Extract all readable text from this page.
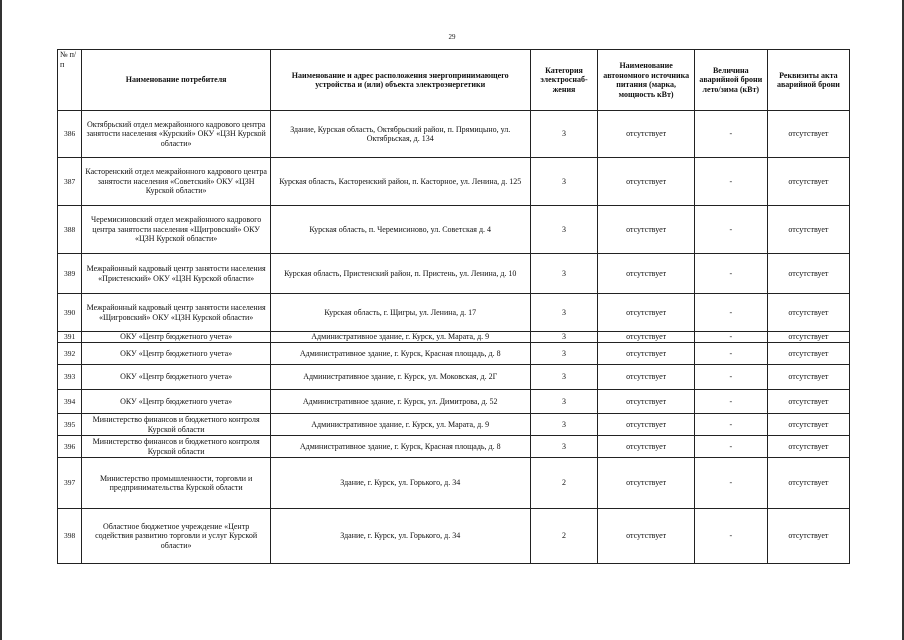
29
№ п/п	Наименование потребителя	Наименование и адрес расположения энергопринимающего устройства и (или) объекта электроэнергетики	Категория электроснаб-жения	Наименование автономного источника питания (марка, мощность кВт)	Величина аварийной брони лето/зима (кВт)	Реквизиты акта аварийной брони
386	Октябрьский отдел межрайонного кадрового центра занятости населения «Курский» ОКУ «ЦЗН Курской области»	Здание, Курская область, Октябрьский район, п. Прямицыно, ул. Октябрьская, д. 134	3	отсутствует	-	отсутствует
387	Касторенский отдел межрайонного кадрового центра занятости населения «Советский» ОКУ «ЦЗН Курской области»	Курская область, Касторенский район, п. Касторное, ул. Ленина, д. 125	3	отсутствует	-	отсутствует
388	Черемисиновский отдел межрайонного кадрового центра занятости населения «Щигровский» ОКУ «ЦЗН Курской области»	Курская область, п. Черемисиново, ул. Советская д. 4	3	отсутствует	-	отсутствует
389	Межрайонный кадровый центр занятости населения «Пристенский» ОКУ «ЦЗН Курской области»	Курская область, Пристенский район, п. Пристень, ул. Ленина, д. 10	3	отсутствует	-	отсутствует
390	Межрайонный кадровый центр занятости населения «Щигровский» ОКУ «ЦЗН Курской области»	Курская область, г. Щигры, ул. Ленина, д. 17	3	отсутствует	-	отсутствует
391	ОКУ «Центр бюджетного учета»	Административное здание, г. Курск, ул. Марата, д. 9	3	отсутствует	-	отсутствует
392	ОКУ «Центр бюджетного учета»	Административное здание, г. Курск, Красная площадь, д. 8	3	отсутствует	-	отсутствует
393	ОКУ «Центр бюджетного учета»	Административное здание, г. Курск, ул. Моковская, д. 2Г	3	отсутствует	-	отсутствует
394	ОКУ «Центр бюджетного учета»	Административное здание, г. Курск, ул. Димитрова, д. 52	3	отсутствует	-	отсутствует
395	Министерство финансов и бюджетного контроля Курской области	Административное здание, г. Курск, ул. Марата, д. 9	3	отсутствует	-	отсутствует
396	Министерство финансов и бюджетного контроля Курской области	Административное здание, г. Курск, Красная площадь, д. 8	3	отсутствует	-	отсутствует
397	Министерство промышленности, торговли и предпринимательства Курской области	Здание, г. Курск, ул. Горького, д. 34	2	отсутствует	-	отсутствует
398	Областное бюджетное учреждение «Центр содействия развитию торговли и услуг Курской области»	Здание, г. Курск, ул. Горького, д. 34	2	отсутствует	-	отсутствует
